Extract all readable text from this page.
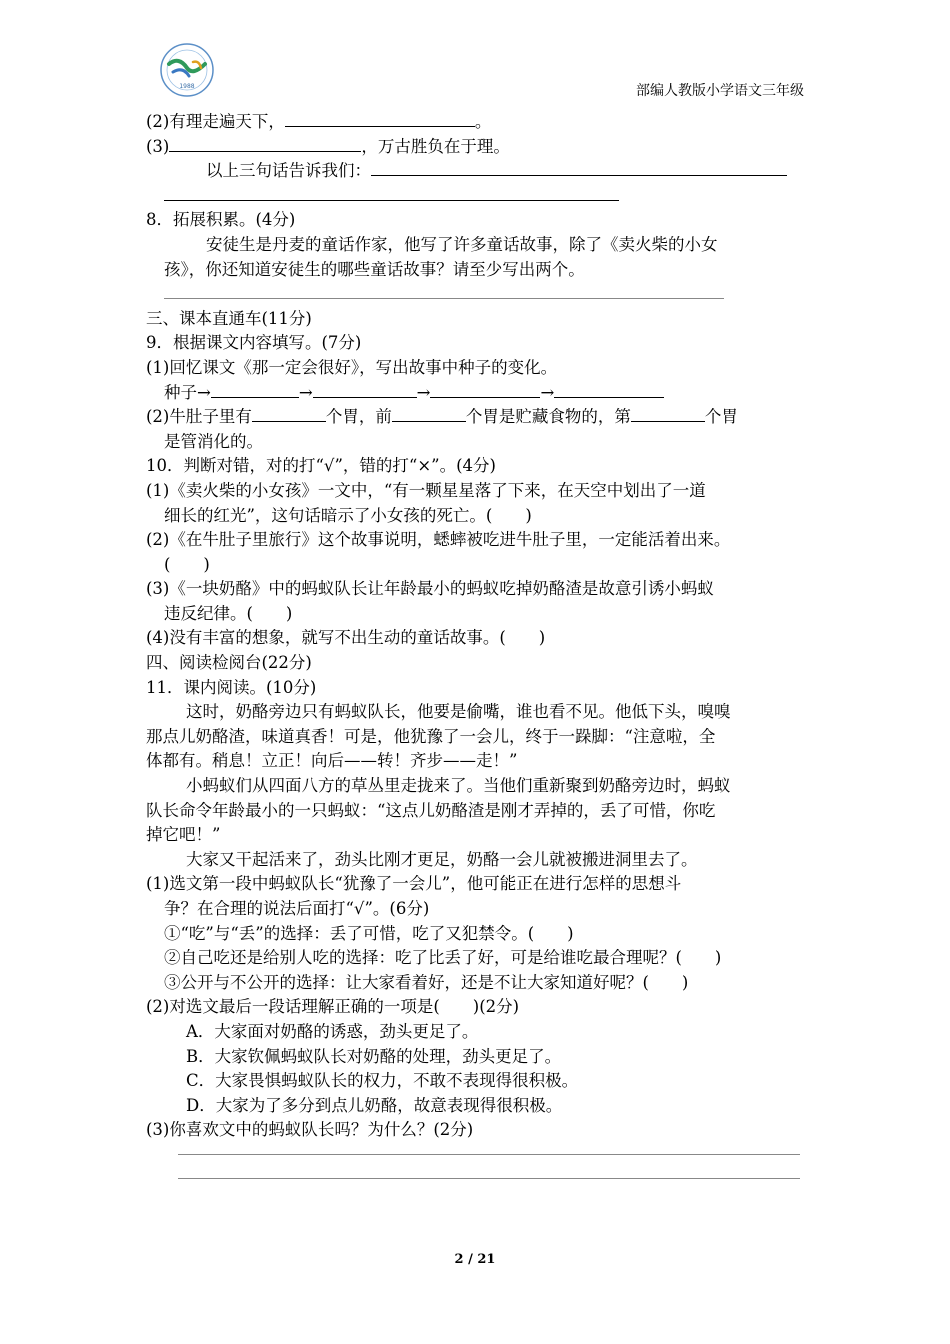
1988	部编人教版小学语文三年级
(2)有理走遍天下，	。
(3)	，万古胜负在于理。
以上三句话告诉我们：
8．拓展积累。(4分)
安徒生是丹麦的童话作家，他写了许多童话故事，除了《卖火柴的小女
孩》，你还知道安徒生的哪些童话故事？请至少写出两个。
三、课本直通车(11分)
9．根据课文内容填写。(7分)
(1)回忆课文《那一定会很好》，写出故事中种子的变化。
种子→	→	→	→
(2)牛肚子里有	个胃，前	个胃是贮藏食物的，第	个胃
是管消化的。
10．判断对错，对的打“√”，错的打“×”。(4分)
(1)《卖火柴的小女孩》一文中，“有一颗星星落了下来，在天空中划出了一道
细长的红光”，这句话暗示了小女孩的死亡。(　　)
(2)《在牛肚子里旅行》这个故事说明，蟋蟀被吃进牛肚子里，一定能活着出来。
(　　)
(3)《一块奶酪》中的蚂蚁队长让年龄最小的蚂蚁吃掉奶酪渣是故意引诱小蚂蚁
违反纪律。(　　)
(4)没有丰富的想象，就写不出生动的童话故事。(　　)
四、阅读检阅台(22分)
11．课内阅读。(10分)
这时，奶酪旁边只有蚂蚁队长，他要是偷嘴，谁也看不见。他低下头，嗅嗅
那点儿奶酪渣，味道真香！可是，他犹豫了一会儿，终于一跺脚：“注意啦，全
体都有。稍息！立正！向后——转！齐步——走！”
小蚂蚁们从四面八方的草丛里走拢来了。当他们重新聚到奶酪旁边时，蚂蚁
队长命令年龄最小的一只蚂蚁：“这点儿奶酪渣是刚才弄掉的，丢了可惜，你吃
掉它吧！”
大家又干起活来了，劲头比刚才更足，奶酪一会儿就被搬进洞里去了。
(1)选文第一段中蚂蚁队长“犹豫了一会儿”，他可能正在进行怎样的思想斗
争？在合理的说法后面打“√”。(6分)
①“吃”与“丢”的选择：丢了可惜，吃了又犯禁令。(　　)
②自己吃还是给别人吃的选择：吃了比丢了好，可是给谁吃最合理呢？(　　)
③公开与不公开的选择：让大家看着好，还是不让大家知道好呢？(　　)
(2)对选文最后一段话理解正确的一项是(　　)(2分)
A．大家面对奶酪的诱惑，劲头更足了。
B．大家钦佩蚂蚁队长对奶酪的处理，劲头更足了。
C．大家畏惧蚂蚁队长的权力，不敢不表现得很积极。
D．大家为了多分到点儿奶酪，故意表现得很积极。
(3)你喜欢文中的蚂蚁队长吗？为什么？(2分)
2 / 21
